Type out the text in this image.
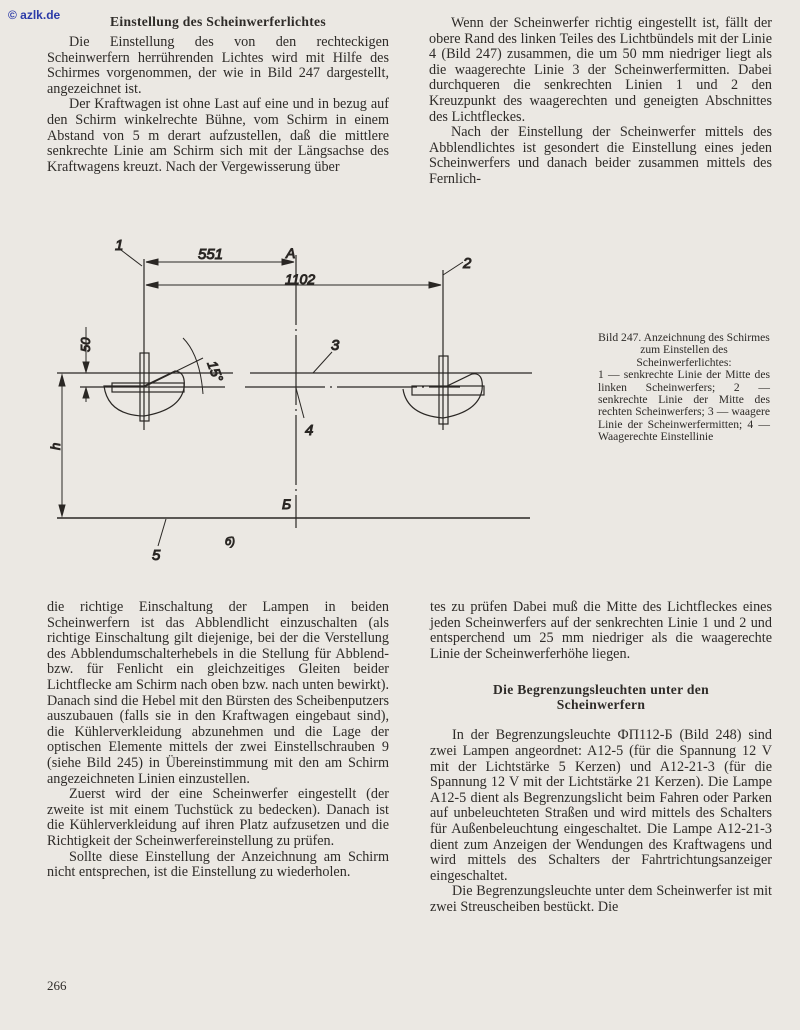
© azlk.de	Einstellung des Scheinwerferlichtes

Die Einstellung des von den rechteckigen Scheinwerfern herrührenden Lichtes wird mit Hilfe des Schirmes vorgenommen, der wie in Bild 247 dargestellt, angezeichnet ist.

Der Kraftwagen ist ohne Last auf eine und in bezug auf den Schirm winkelrechte Bühne, vom Schirm in einem Abstand von 5 m derart aufzustellen, daß die mittlere senkrechte Linie am Schirm sich mit der Längsachse des Kraftwagens kreuzt. Nach der Vergewisserung über

Wenn der Scheinwerfer richtig eingestellt ist, fällt der obere Rand des linken Teiles des Lichtbündels mit der Linie 4 (Bild 247) zusammen, die um 50 mm niedriger liegt als die waagerechte Linie 3 der Scheinwerfermitten. Dabei durchqueren die senkrechten Linien 1 und 2 den Kreuzpunkt des waagerechten und geneigten Abschnittes des Lichtfleckes.

Nach der Einstellung der Scheinwerfer mittels des Abblendlichtes ist gesondert die Einstellung eines jeden Scheinwerfers und danach beider zusammen mittels des Fernlich-

1
2
3
4
5
551
1102
A
Б
б)
50
h
15°
Bild 247. Anzeichnung des Schirmes zum Einstellen des Scheinwerferlichtes:
1 — senkrechte Linie der Mitte des linken Scheinwerfers; 2 — senkrechte Linie der Mitte des rechten Scheinwerfers; 3 — waagere Linie der Scheinwerfermitten; 4 — Waagerechte Einstellinie

die richtige Einschaltung der Lampen in beiden Scheinwerfern ist das Abblendlicht einzuschalten (als richtige Einschaltung gilt diejenige, bei der die Verstellung des Abblendumschalterhebels in die Stellung für Abblend- bzw. für Fenlicht ein gleichzeitiges Gleiten beider Lichtflecke am Schirm nach oben bzw. nach unten bewirkt). Danach sind die Hebel mit den Bürsten des Scheibenputzers auszubauen (falls sie in den Kraftwagen eingebaut sind), die Kühlerverkleidung abzunehmen und die Lage der optischen Elemente mittels der zwei Einstellschrauben 9 (siehe Bild 245) in Übereinstimmung mit den am Schirm angezeichneten Linien einzustellen.

Zuerst wird der eine Scheinwerfer eingestellt (der zweite ist mit einem Tuchstück zu bedecken). Danach ist die Kühlerverkleidung auf ihren Platz aufzusetzen und die Richtigkeit der Scheinwerfereinstellung zu prüfen.

Sollte diese Einstellung der Anzeichnung am Schirm nicht entsprechen, ist die Einstellung zu wiederholen.

tes zu prüfen Dabei muß die Mitte des Lichtfleckes eines jeden Scheinwerfers auf der senkrechten Linie 1 und 2 und entsperchend um 25 mm niedriger als die waagerechte Linie der Scheinwerferhöhe liegen.

Die Begrenzungsleuchten unter den Scheinwerfern

In der Begrenzungsleuchte ФП112-Б (Bild 248) sind zwei Lampen angeordnet: A12-5 (für die Spannung 12 V mit der Lichtstärke 5 Kerzen) und A12-21-3 (für die Spannung 12 V mit der Lichtstärke 21 Kerzen). Die Lampe A12-5 dient als Begrenzungslicht beim Fahren oder Parken auf unbeleuchteten Straßen und wird mittels des Schalters für Außenbeleuchtung eingeschaltet. Die Lampe A12-21-3 dient zum Anzeigen der Wendungen des Kraftwagens und wird mittels des Schalters der Fahrtrichtungsanzeiger eingeschaltet.

Die Begrenzungsleuchte unter dem Scheinwerfer ist mit zwei Streuscheiben bestückt. Die

266
